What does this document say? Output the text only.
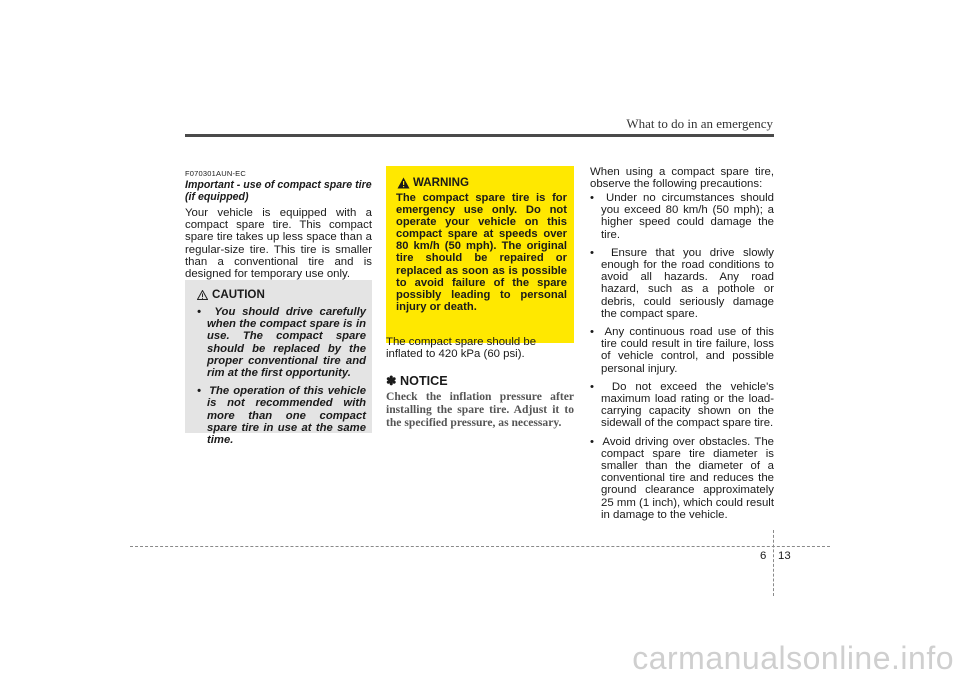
What to do in an emergency
F070301AUN-EC
Important - use of compact spare tire (if equipped)
Your vehicle is equipped with a compact spare tire. This compact spare tire takes up less space than a regular-size tire. This tire is smaller than a conventional tire and is designed for temporary use only.
CAUTION
•  You should drive carefully when the compact spare is in use. The compact spare should be replaced by the proper conventional tire and rim at the first opportunity.
•  The operation of this vehicle is not recommended with more than one compact spare tire in use at the same time.
WARNING
The compact spare tire is for emergency use only. Do not operate your vehicle on this compact spare at speeds over 80 km/h (50 mph). The original tire should be repaired or replaced as soon as is possible to avoid failure of the spare possibly leading to personal injury or death.
The compact spare should be inflated to 420 kPa (60 psi).
✽ NOTICE
Check the inflation pressure after installing the spare tire. Adjust it to the specified pressure, as necessary.
When using a compact spare tire, observe the following precautions:
•  Under no circumstances should you exceed 80 km/h (50 mph); a higher speed could damage the tire.
•  Ensure that you drive slowly enough for the road conditions to avoid all hazards. Any road hazard, such as a pothole or debris, could seriously damage the compact spare.
•  Any continuous road use of this tire could result in tire failure, loss of vehicle control, and possible personal injury.
•  Do not exceed the vehicle's maximum load rating or the load-carrying capacity shown on the sidewall of the compact spare tire.
•  Avoid driving over obstacles. The compact spare tire diameter is smaller than the diameter of a conventional tire and reduces the ground clearance approximately 25 mm (1 inch), which could result in damage to the vehicle.
6 13
carmanualsonline.info
